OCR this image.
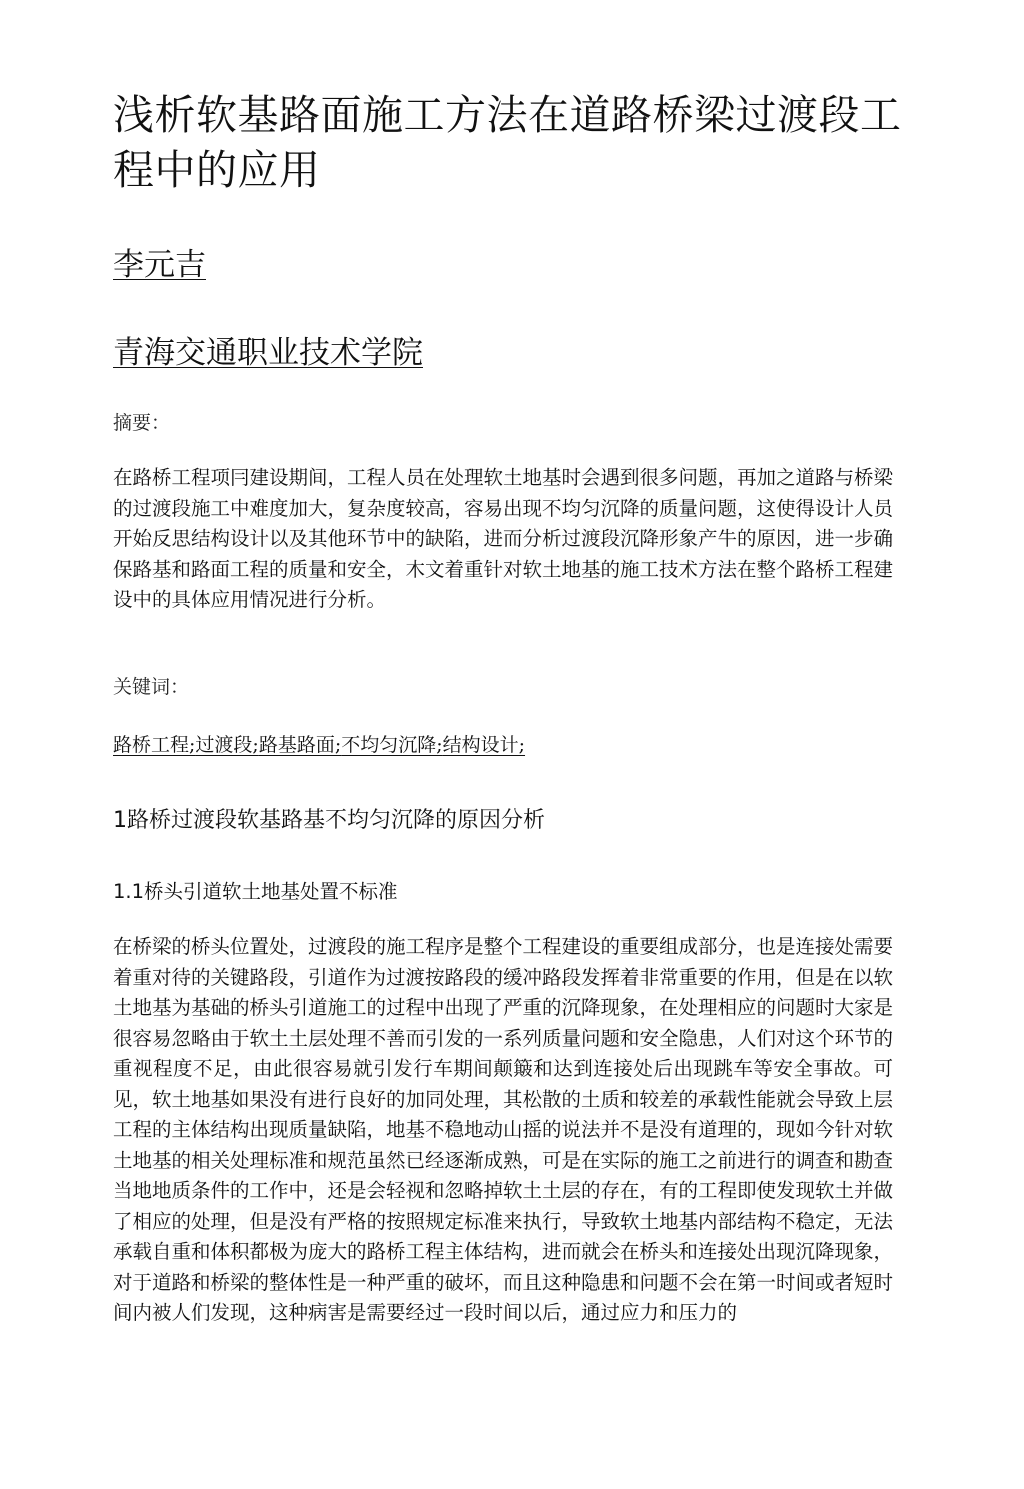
浅析软基路面施工方法在道路桥梁过渡段工程中的应用
李元吉
青海交通职业技术学院

摘要：

在路桥工程项冃建设期间，工程人员在处理软土地基时会遇到很多问题，再加之道路与桥梁的过渡段施工中难度加大，复杂度较高，容易出现不均匀沉降的质量问题，这使得设计人员开始反思结构设计以及其他环节中的缺陷，进而分析过渡段沉降形象产牛的原因，进一步确保路基和路面工程的质量和安全，木文着重针对软土地基的施工技术方法在整个路桥工程建设中的具体应用情况进行分析。

关键词：

路桥工程; 过渡段; 路基路面; 不均匀沉降; 结构设计;
1路桥过渡段软基路基不均匀沉降的原因分析
1.1桥头引道软土地基处置不标准

在桥梁的桥头位置处，过渡段的施工程序是整个工程建设的重要组成部分，也是连接处需要着重对待的关键路段，引道作为过渡按路段的缓冲路段发挥着非常重要的作用，但是在以软土地基为基础的桥头引道施工的过程中出现了严重的沉降现象，在处理相应的问题时大家是很容易忽略由于软土土层处理不善而引发的一系列质量问题和安全隐患，人们对这个环节的重视程度不足，由此很容易就引发行车期间颠簸和达到连接处后出现跳车等安全事故。可见，软土地基如果没有进行良好的加同处理，其松散的土质和较差的承载性能就会导致上层工程的主体结构出现质量缺陷，地基不稳地动山摇的说法并不是没有道理的，现如今针对软土地基的相关处理标准和规范虽然已经逐渐成熟，可是在实际的施工之前进行的调查和勘查当地地质条件的工作中，还是会轻视和忽略掉软土土层的存在，有的工程即使发现软土并做了相应的处理，但是没有严格的按照规定标准来执行，导致软土地基内部结构不稳定，无法承载自重和体积都极为庞大的路桥工程主体结构，进而就会在桥头和连接处出现沉降现象，对于道路和桥梁的整体性是一种严重的破坏，而且这种隐患和问题不会在第一时间或者短时间内被人们发现，这种病害是需要经过一段时间以后，通过应力和压力的
